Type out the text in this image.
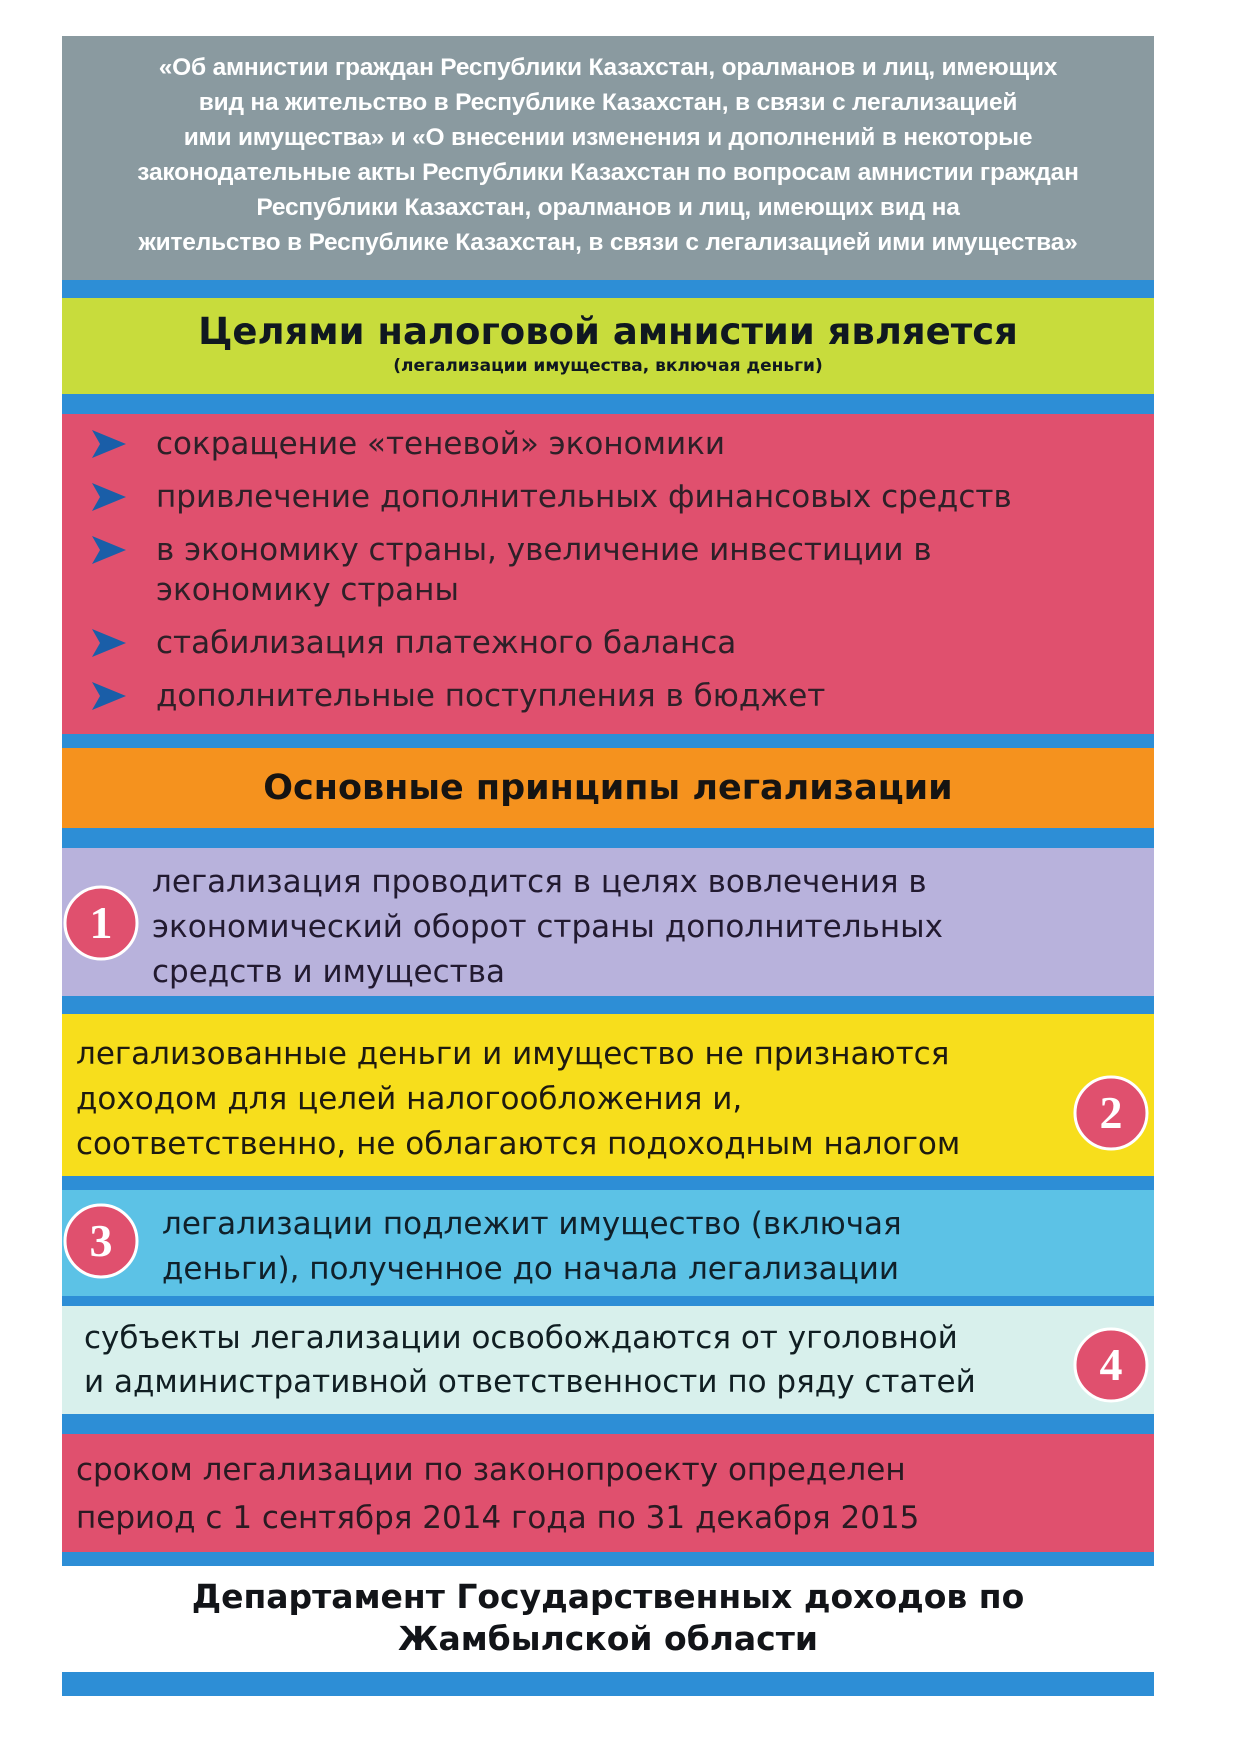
«Об амнистии граждан Республики Казахстан, оралманов и лиц, имеющих
вид на жительство в Республике Казахстан, в связи с легализацией
ими имущества» и «О внесении изменения и дополнений в некоторые
законодательные акты Республики Казахстан по вопросам амнистии граждан
Республики Казахстан, оралманов и лиц, имеющих вид на
жительство в Республике Казахстан, в связи с легализацией ими имущества»
Целями налоговой амнистии является
(легализации имущества, включая деньги)
сокращение «теневой» экономики
привлечение дополнительных финансовых средств
в экономику страны, увеличение инвестиции в
экономику страны
стабилизация платежного баланса
дополнительные поступления в бюджет
Основные принципы легализации
1
легализация проводится в целях вовлечения в
экономический оборот страны дополнительных
средств и имущества
легализованные деньги и имущество не признаются
доходом для целей налогообложения и,
соответственно, не облагаются подоходным налогом
2
3 легализации подлежит имущество (включая
деньги), полученное до начала легализации
субъекты легализации освобождаются от уголовной
и административной ответственности по ряду статей	4
сроком легализации по законопроекту определен
период с 1 сентября 2014 года по 31 декабря 2015
Департамент Государственных доходов по
Жамбылской области
